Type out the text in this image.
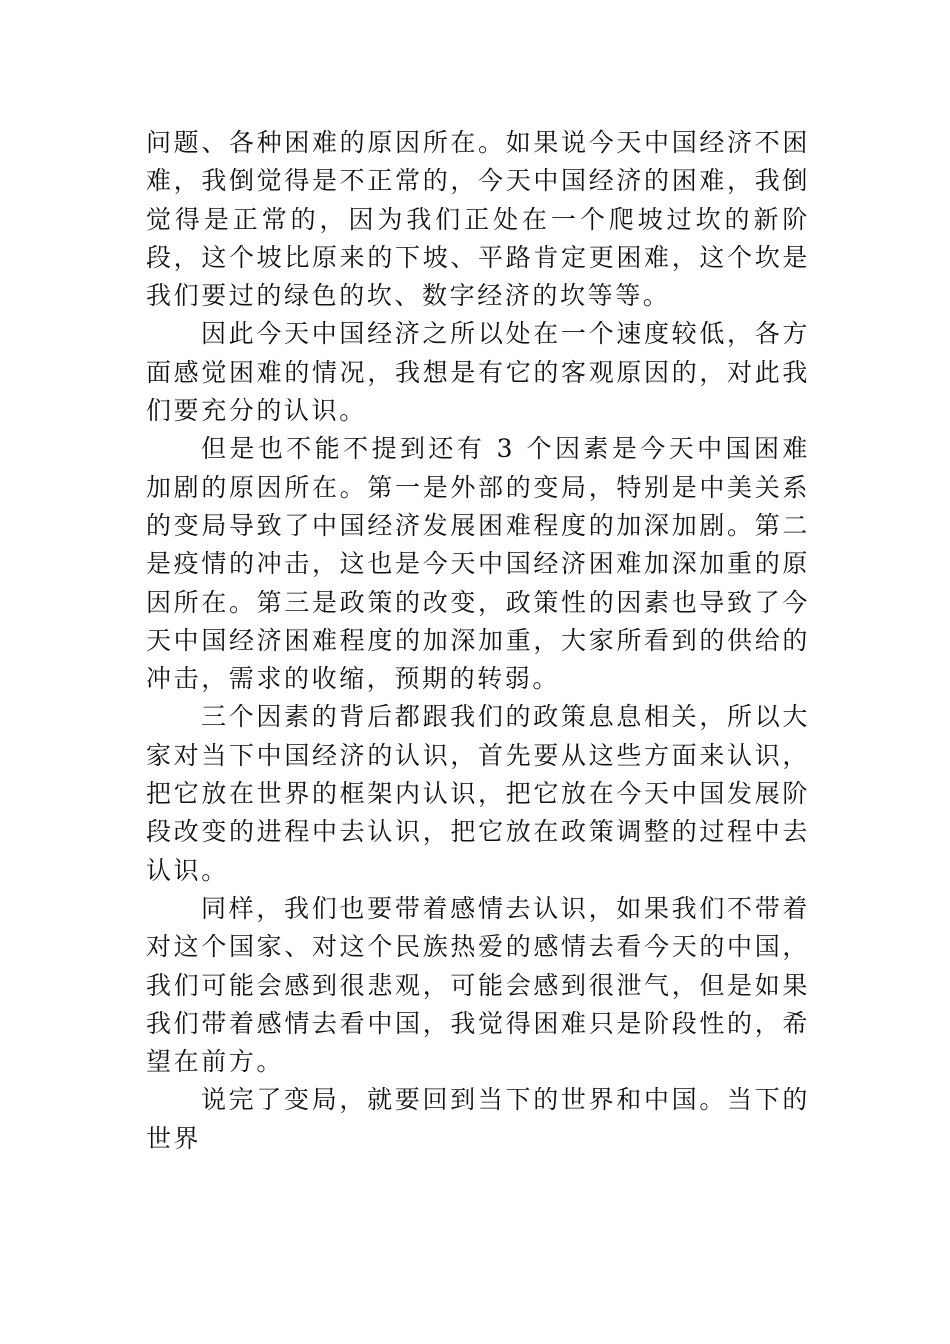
问题、各种困难的原因所在。如果说今天中国经济不困难，我倒觉得是不正常的，今天中国经济的困难，我倒觉得是正常的，因为我们正处在一个爬坡过坎的新阶段，这个坡比原来的下坡、平路肯定更困难，这个坎是我们要过的绿色的坎、数字经济的坎等等。

因此今天中国经济之所以处在一个速度较低，各方面感觉困难的情况，我想是有它的客观原因的，对此我们要充分的认识。

但是也不能不提到还有 3 个因素是今天中国困难加剧的原因所在。第一是外部的变局，特别是中美关系的变局导致了中国经济发展困难程度的加深加剧。第二是疫情的冲击，这也是今天中国经济困难加深加重的原因所在。第三是政策的改变，政策性的因素也导致了今天中国经济困难程度的加深加重，大家所看到的供给的冲击，需求的收缩，预期的转弱。

三个因素的背后都跟我们的政策息息相关，所以大家对当下中国经济的认识，首先要从这些方面来认识，把它放在世界的框架内认识，把它放在今天中国发展阶段改变的进程中去认识，把它放在政策调整的过程中去认识。

同样，我们也要带着感情去认识，如果我们不带着对这个国家、对这个民族热爱的感情去看今天的中国，我们可能会感到很悲观，可能会感到很泄气，但是如果我们带着感情去看中国，我觉得困难只是阶段性的，希望在前方。

说完了变局，就要回到当下的世界和中国。当下的世界
